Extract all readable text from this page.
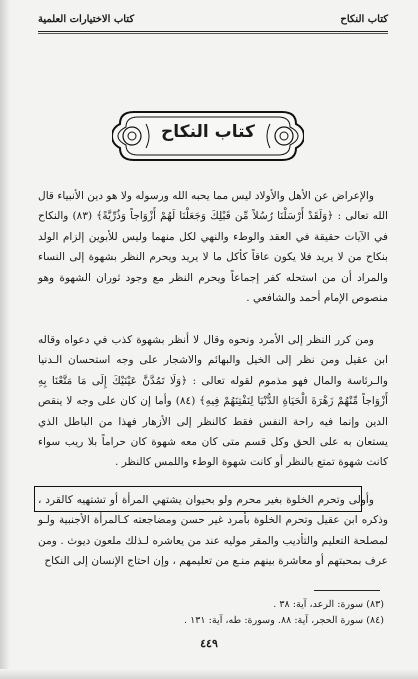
كتاب النكاح
كتاب الاختيارات العلمية
كتاب النكاح

والإعراض عن الأهل والأولاد ليس مما يحبه الله ورسوله ولا هو دين الأنبياء قال الله تعالى : ﴿وَلَقَدْ أَرْسَلْنَا رُسُلاً مِّن قَبْلِكَ وَجَعَلْنَا لَهُمْ أَزْوَاجاً وَذُرِّيَّةً﴾ (٨٣) والنكاح في الآيات حقيقة في العقد والوطء والنهي لكل منهما وليس للأبوين إلزام الولد بنكاح من لا يريد فلا يكون عاقاً كأكل ما لا يريد ويحرم النظر بشهوة إلى النساء والمراد أن من استحله كفر إجماعاً ويحرم النظر مع وجود ثوران الشهوة وهو منصوص الإمام أحمد والشافعي .

ومن كرر النظر إلى الأمرد ونحوه وقال لا أنظر بشهوة كذب في دعواه وقاله ابن عقيل ومن نظر إلى الخيل والبهائم والاشجار على وجه استحسان الـدنيا والـرئاسة والمال فهو مذموم لقوله تعالى : ﴿وَلَا تَمُدَّنَّ عَيْنَيْكَ إِلَى مَا مَتَّعْنَا بِهِ أَزْوَاجاً مِّنْهُمْ زَهْرَةَ الْحَيَاةِ الدُّنْيَا لِنَفْتِنَهُمْ فِيهِ﴾ (٨٤) وأما إن كان على وجه لا ينقص الدين وإنما فيه راحة النفس فقط كالنظر إلى الأزهار فهذا من الباطل الذي يستعان به على الحق وكل قسم متى كان معه شهوة كان حراماً بلا ريب سواء كانت شهوة تمتع بالنظر أو كانت شهوة الوطء واللمس كالنظر .

وأولى وتحرم الخلوة بغير محرم ولو بحيوان يشتهي المرأة أو تشتهيه كالقرد ، وذكره ابن عقيل وتحرم الخلوة بأمرد غير حسن ومضاجعته كـالمرأة الأجنبية ولـو لمصلحة التعليم والتأديب والمقر موليه عند من يعاشره لـذلك ملعون ديوث . ومن عرف بمحبتهم أو معاشرة بينهم منـع من تعليمهم ، وإن احتاج الإنسان إلى النكاح

(٨٣) سورة: الرعد، آية: ٣٨ .
(٨٤) سورة الحجر، آية: ٨٨. وسورة: طه، آية: ١٣١ .
٤٤٩
